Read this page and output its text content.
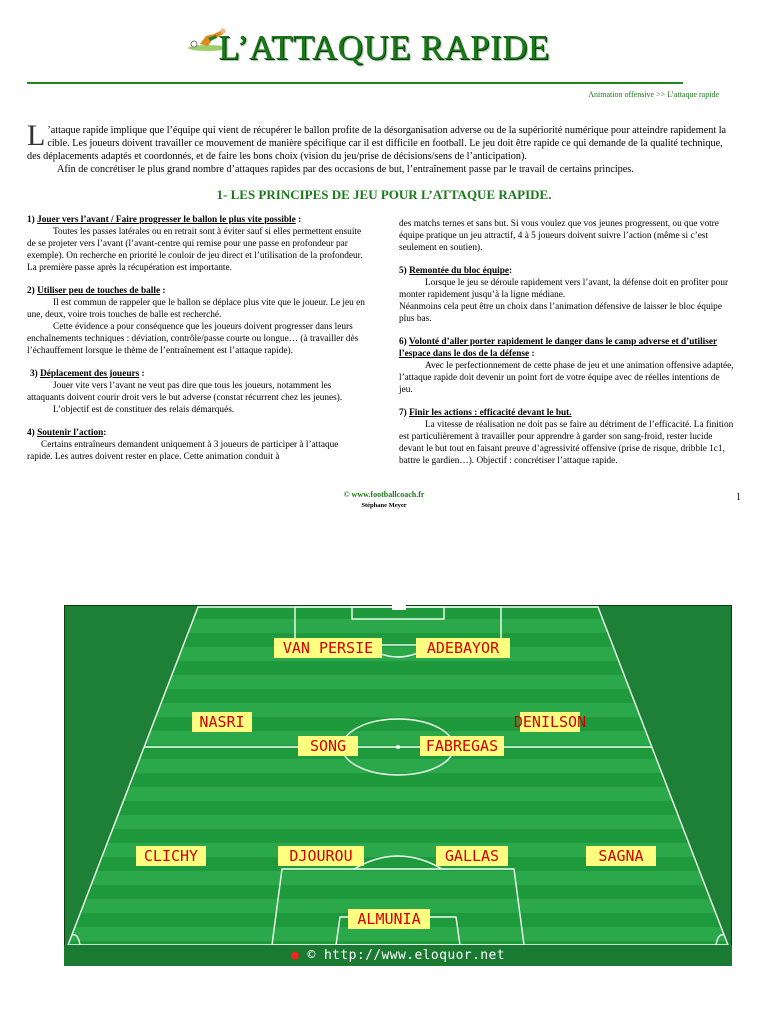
L’ATTAQUE RAPIDE
Animation offensive >> L’attaque rapide

L ’attaque rapide implique que l’équipe qui vient de récupérer le ballon profite de la désorganisation adverse ou de la supériorité numérique pour atteindre rapidement la cible. Les joueurs doivent travailler ce mouvement de manière spécifique car il est difficile en football. Le jeu doit être rapide ce qui demande de la qualité technique, des déplacements adaptés et coordonnés, et de faire les bons choix (vision du jeu/prise de décisions/sens de l’anticipation).

Afin de concrétiser le plus grand nombre d’attaques rapides par des occasions de but, l’entraînement passe par le travail de certains principes.

1- LES PRINCIPES DE JEU POUR L’ATTAQUE RAPIDE.

1) Jouer vers l’avant / Faire progresser le ballon le plus vite possible :

Toutes les passes latérales ou en retrait sont à éviter sauf si elles permettent ensuite de se projeter vers l’avant (l’avant-centre qui remise pour une passe en profondeur par exemple). On recherche en priorité le couloir de jeu direct et l’utilisation de la profondeur. La première passe après la récupération est importante.

2) Utiliser peu de touches de balle :

Il est commun de rappeler que le ballon se déplace plus vite que le joueur. Le jeu en une, deux, voire trois touches de balle est recherché.

Cette évidence a pour conséquence que les joueurs doivent progresser dans leurs enchaînements techniques : déviation, contrôle/passe courte ou longue… (à travailler dès l’échauffement lorsque le thème de l’entraînement est l’attaque rapide).

3) Déplacement des joueurs :

Jouer vite vers l’avant ne veut pas dire que tous les joueurs, notamment les attaquants doivent courir droit vers le but adverse (constat récurrent chez les jeunes).

L’objectif est de constituer des relais démarqués.

4) Soutenir l’action:

Certains entraîneurs demandent uniquement à 3 joueurs de participer à l’attaque rapide. Les autres doivent rester en place. Cette animation conduit à

des matchs ternes et sans but. Si vous voulez que vos jeunes progressent, ou que votre équipe pratique un jeu attractif, 4 à 5 joueurs doivent suivre l’action (même si c’est seulement en soutien).

5) Remontée du bloc équipe:

Lorsque le jeu se déroule rapidement vers l’avant, la défense doit en profiter pour monter rapidement jusqu’à la ligne médiane.

Néanmoins cela peut être un choix dans l’animation défensive de laisser le bloc équipe plus bas.

6) Volonté d’aller porter rapidement le danger dans le camp adverse et d’utiliser l’espace dans le dos de la défense :

Avec le perfectionnement de cette phase de jeu et une animation offensive adaptée, l’attaque rapide doit devenir un point fort de votre équipe avec de réelles intentions de jeu.

7) Finir les actions : efficacité devant le but.

La vitesse de réalisation ne doit pas se faire au détriment de l’efficacité. La finition est particulièrement à travailler pour apprendre à garder son sang-froid, rester lucide devant le but tout en faisant preuve d’agressivité offensive (prise de risque, dribble 1c1, battre le gardien…). Objectif : concrétiser l’attaque rapide.

© www.footballcoach.fr
Stéphane Meyer
1
VAN PERSIE	ADEBAYOR
NASRI	DENILSON
SONG	FABREGAS
CLICHY	DJOUROU	GALLAS	SAGNA
ALMUNIA
● © http://www.eloquor.net
